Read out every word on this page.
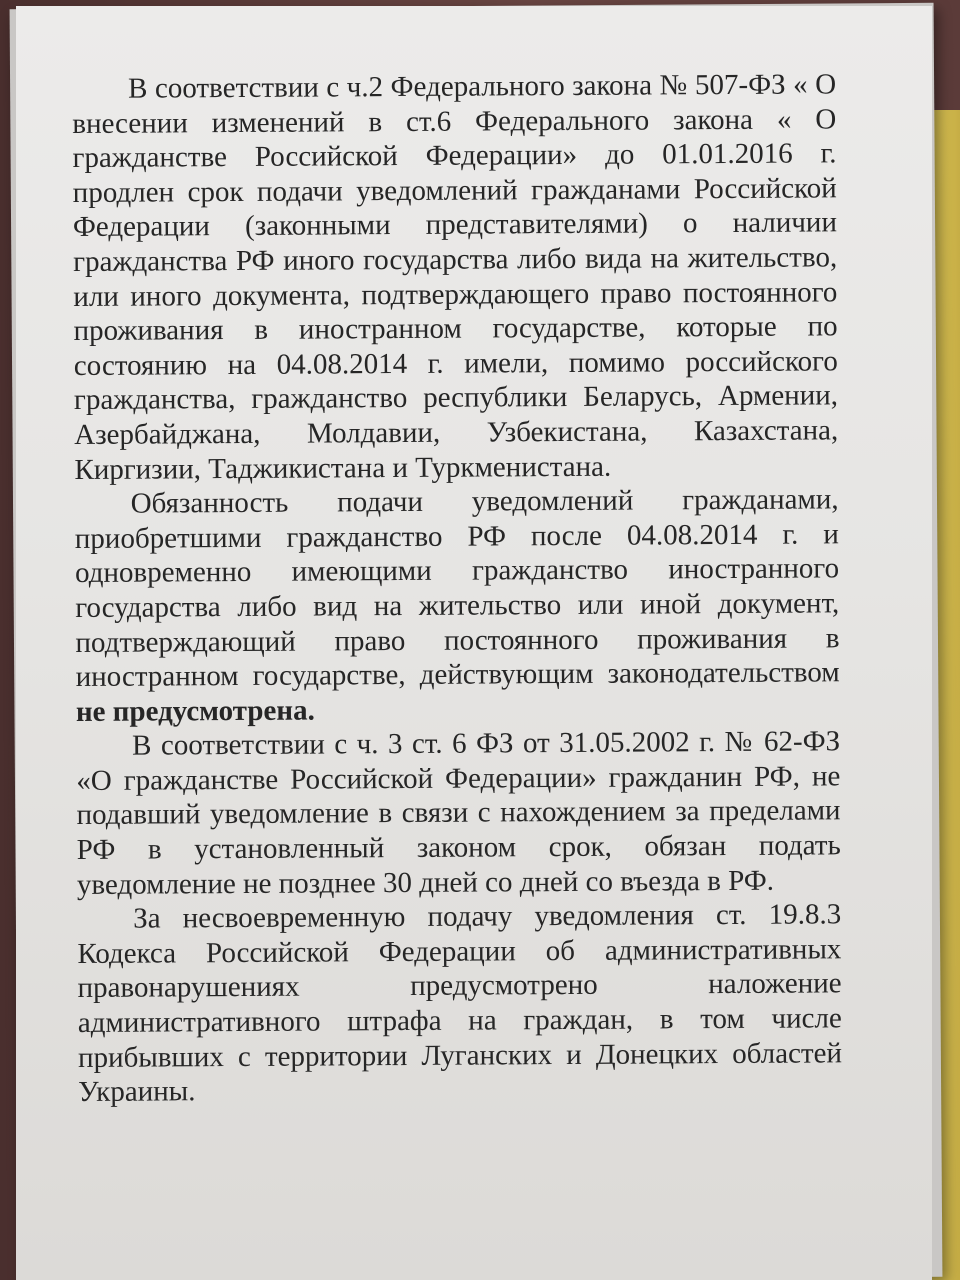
В соответствии с ч.2 Федерального закона № 507-ФЗ « О внесении изменений в ст.6 Федерального закона « О гражданстве Российской Федерации» до 01.01.2016 г. продлен срок подачи уведомлений гражданами Российской Федерации (законными представителями) о наличии гражданства РФ иного государства либо вида на жительство, или иного документа, подтверждающего право постоянного проживания в иностранном государстве, которые по состоянию на 04.08.2014 г. имели, помимо российского гражданства, гражданство республики Беларусь, Армении, Азербайджана, Молдавии, Узбекистана, Казахстана, Киргизии, Таджикистана и Туркменистана.

Обязанность подачи уведомлений гражданами, приобретшими гражданство РФ после 04.08.2014 г. и одновременно имеющими гражданство иностранного государства либо вид на жительство или иной документ, подтверждающий право постоянного проживания в иностранном государстве, действующим законодательством не предусмотрена.

В соответствии с ч. 3 ст. 6 ФЗ от 31.05.2002 г. № 62-ФЗ «О гражданстве Российской Федерации» гражданин РФ, не подавший уведомление в связи с нахождением за пределами РФ в установленный законом срок, обязан подать уведомление не позднее 30 дней со дней со въезда в РФ.

За несвоевременную подачу уведомления ст. 19.8.3 Кодекса Российской Федерации об административных правонарушениях предусмотрено наложение административного штрафа на граждан, в том числе прибывших с территории Луганских и Донецких областей Украины.
